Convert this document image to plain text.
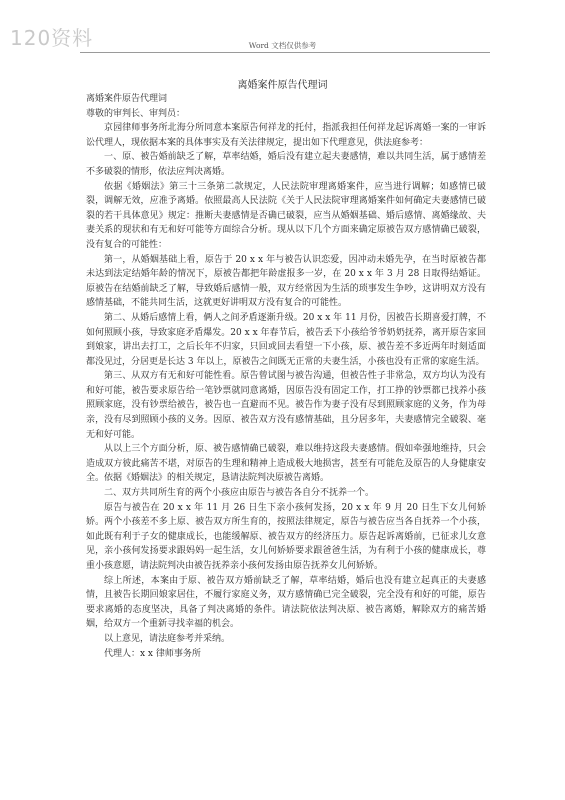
120资料	Word 文档仅供参考
离婚案件原告代理词

离婚案件原告代理词

尊敬的审判长、审判员：

京园律师事务所北海分所同意本案原告何祥龙的托付，指派我担任何祥龙起诉离婚一案的一审诉讼代理人，现依据本案的具体事实及有关法律规定，提出如下代理意见，供法庭参考：

一、原、被告婚前缺乏了解，草率结婚，婚后没有建立起夫妻感情，难以共同生活，属于感情差不多破裂的情形，依法应判决离婚。

依据《婚姻法》第三十三条第二款规定，人民法院审理离婚案件，应当进行调解；如感情已破裂，调解无效，应准予离婚。依照最高人民法院《关于人民法院审理离婚案件如何确定夫妻感情已破裂的若干具体意见》规定：推断夫妻感情是否确已破裂，应当从婚姻基础、婚后感情、离婚缘故、夫妻关系的现状和有无和好可能等方面综合分析。现从以下几个方面来确定原被告双方感情确已破裂，没有复合的可能性：

第一，从婚姻基础上看，原告于 20 x x 年与被告认识恋爱，因冲动未婚先孕，在当时原被告都未达到法定结婚年龄的情况下，原被告都把年龄虚报多一岁，在 20 x x 年 3 月 28 日取得结婚证。原被告在结婚前缺乏了解，导致婚后感情一般，双方经常因为生活的琐事发生争吵，这讲明双方没有感情基础，不能共同生活，这就更好讲明双方没有复合的可能性。

第二、从婚后感情上看，俩人之间矛盾逐渐升级。20 x x 年 11 月份，因被告长期喜爱打牌，不如何照顾小孩，导致家庭矛盾爆发。20 x x 年春节后，被告丢下小孩给爷爷奶奶抚养，离开原告家回到娘家，讲出去打工，之后长年不归家，只回或回去看望一下小孩，原、被告差不多近两年时刻适面都没见过，分居更是长达 3 年以上，原被告之间既无正常的夫妻生活，小孩也没有正常的家庭生活。

第三、从双方有无和好可能性看。原告曾试图与被告沟通，但被告性子非常急，双方均认为没有和好可能，被告要求原告给一笔钞票就同意离婚，因原告没有固定工作，打工挣的钞票都已找养小孩照顾家庭，没有钞票给被告，被告也一直避而不见。被告作为妻子没有尽到照顾家庭的义务，作为母亲，没有尽到照顾小孩的义务。因原、被告双方没有感情基础，且分居多年，夫妻感情完全破裂、毫无和好可能。

从以上三个方面分析，原、被告感情确已破裂，难以维持这段夫妻感情。假如牵强地维持，只会造成双方彼此痛苦不堪，对原告的生理和精神上造成极大地损害，甚至有可能危及原告的人身健康安全。依据《婚姻法》的相关规定，恳请法院判决原被告离婚。

二、双方共同所生育的两个小孩应由原告与被告各自分不抚养一个。

原告与被告在 20 x x 年 11 月 26 日生下亲小孩何发扬，20 x x 年 9 月 20 日生下女儿何娇娇。两个小孩差不多上原、被告双方所生育的，按照法律规定，原告与被告应当各自抚养一个小孩，如此既有利于子女的健康成长，也能缓解原、被告双方的经济压力。原告起诉离婚前，已征求儿女意见，亲小孩何发扬要求跟妈妈一起生活，女儿何娇娇要求跟爸爸生活，为有利于小孩的健康成长，尊重小孩意愿，请法院判决由被告抚养亲小孩何发扬由原告抚养女儿何娇娇。

综上所述，本案由于原、被告双方婚前缺乏了解，草率结婚，婚后也没有建立起真正的夫妻感情，且被告长期回娘家居住，不履行家庭义务，双方感情确已完全破裂，完全没有和好的可能，原告要求离婚的态度坚决，具备了判决离婚的条件。请法院依法判决原、被告离婚，解除双方的痛苦婚姻，给双方一个重新寻找幸福的机会。

以上意见，请法庭参考并采纳。

代理人：x x 律师事务所
